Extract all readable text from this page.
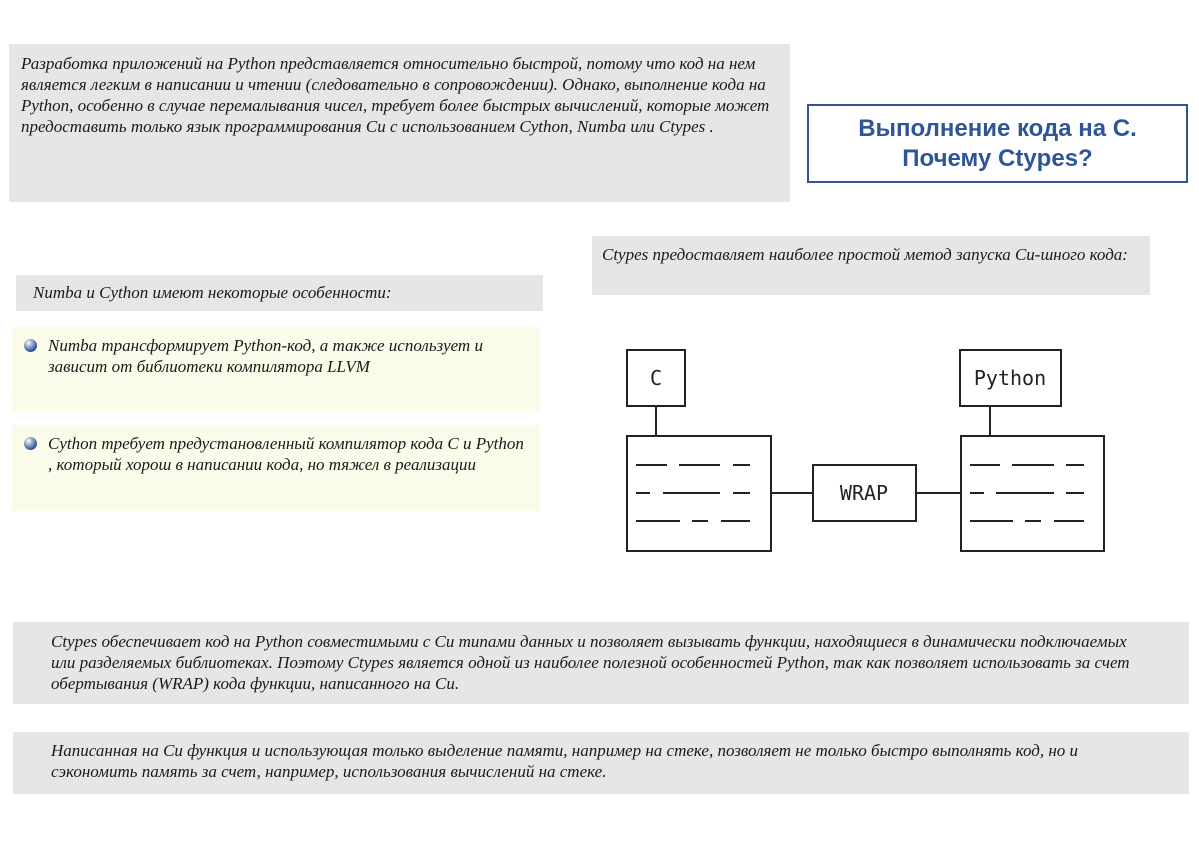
Разработка приложений на Python представляется относительно быстрой, потому что код на нем является легким в написании и чтении (следовательно в сопровождении). Однако, выполнение кода на Python, особенно в случае перемалывания чисел, требует более быстрых вычислений, которые может предоставить только язык программирования Си с использованием Cython, Numba или Ctypes .	Выполнение кода на C. Почему Ctypes?
Numba и Cython имеют некоторые особенности:
Numba трансформирует Python-код, а также использует и зависит от библиотеки компилятора LLVM
Cython требует предустановленный компилятор кода C и Python , который хорош в написании кода, но тяжел в реализации
Ctypes предоставляет наиболее простой метод запуска Си-шного кода:
C	Python
WRAP
Ctypes обеспечивает код на Python совместимыми с Си типами данных и позволяет вызывать функции, находящиеся в динамически подключаемых или разделяемых библиотеках. Поэтому Ctypes является одной из наиболее полезной особенностей Python, так как позволяет использовать за счет обертывания (WRAP) кода функции, написанного на Си.
Написанная на Си функция и использующая только выделение памяти, например на стеке, позволяет не только быстро выполнять код, но и сэкономить память за счет, например, использования вычислений на стеке.
